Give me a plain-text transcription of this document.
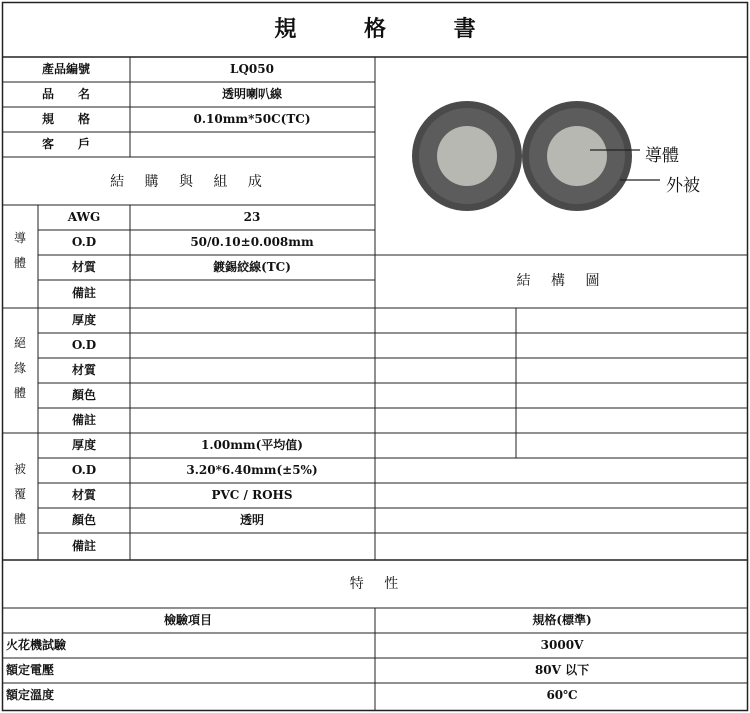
規 格 書
產品編號	LQ050
品　　名	透明喇叭線
規　　格	0.10mm*50C(TC)
客　　戶
結 購 與 組 成
導體
外被
結 構 圖
導
體
AWG	23
O.D	50/0.10±0.008mm
材質	鍍錫絞線(TC)
備註
絕
緣
體
厚度
O.D
材質
顏色
備註
被
覆
體
厚度	1.00mm(平均值)
O.D	3.20*6.40mm(±5%)
材質	PVC / ROHS
顏色	透明
備註
特 性
檢驗項目	規格(標準)
火花機試驗	3000V
額定電壓	80V 以下
額定溫度	60℃
